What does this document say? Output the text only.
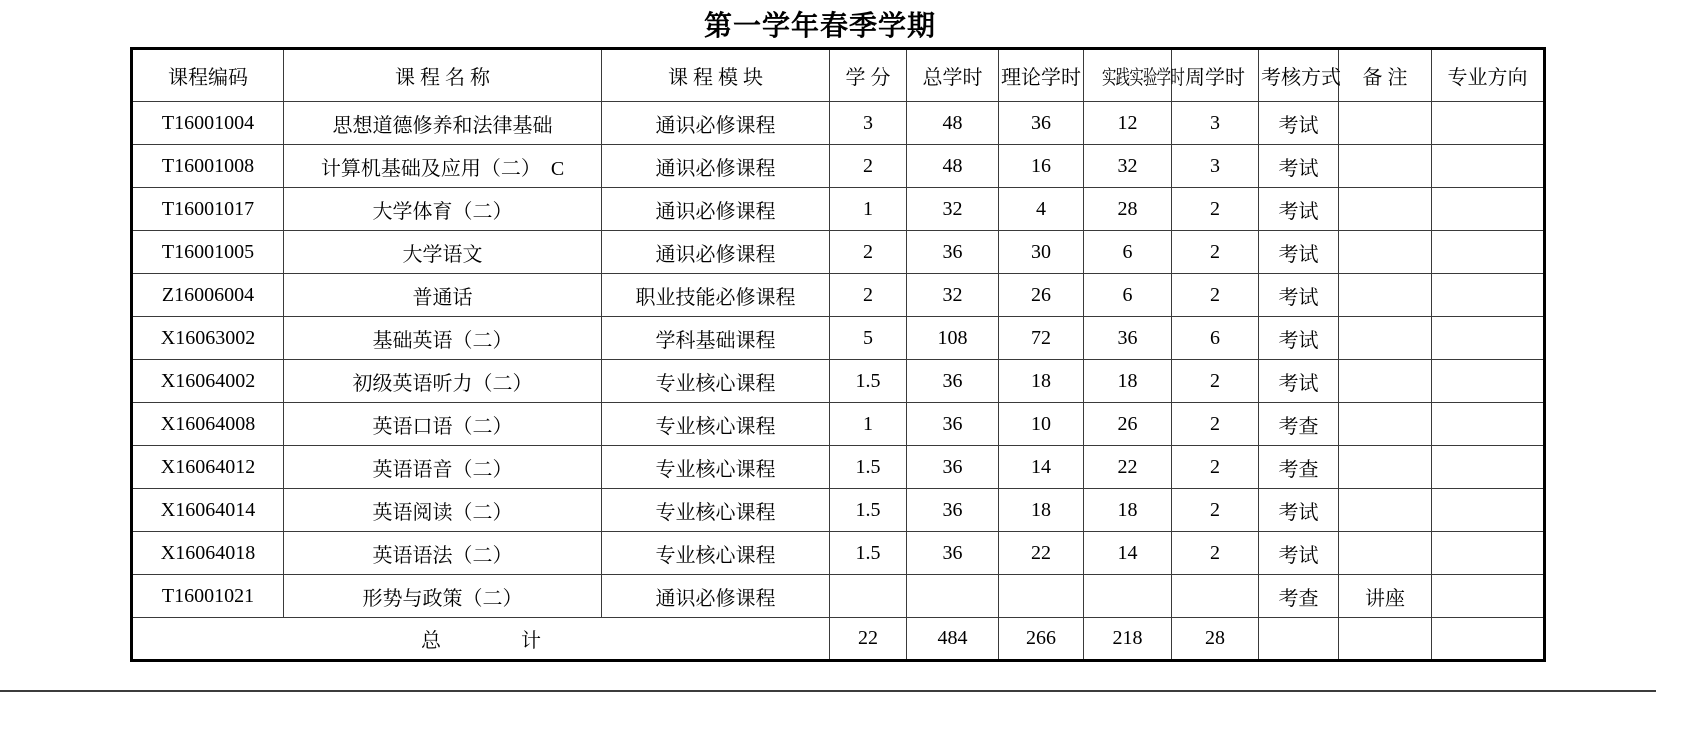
第一学年春季学期
课程编码	课 程 名 称	课 程 模 块	学 分	总学时	理论学时	实践实验学时	周学时	考核方式	备 注	专业方向
T16001004	思想道德修养和法律基础	通识必修课程	3	48	36	12	3	考试		
T16001008	计算机基础及应用（二）　C	通识必修课程	2	48	16	32	3	考试		
T16001017	大学体育（二）	通识必修课程	1	32	4	28	2	考试		
T16001005	大学语文	通识必修课程	2	36	30	6	2	考试		
Z16006004	普通话	职业技能必修课程	2	32	26	6	2	考试		
X16063002	基础英语（二）	学科基础课程	5	108	72	36	6	考试		
X16064002	初级英语听力（二）	专业核心课程	1.5	36	18	18	2	考试		
X16064008	英语口语（二）	专业核心课程	1	36	10	26	2	考查		
X16064012	英语语音（二）	专业核心课程	1.5	36	14	22	2	考查		
X16064014	英语阅读（二）	专业核心课程	1.5	36	18	18	2	考试		
X16064018	英语语法（二）	专业核心课程	1.5	36	22	14	2	考试		
T16001021	形势与政策（二）	通识必修课程						考查	讲座	
总　　　　计			22	484	266	218	28			
